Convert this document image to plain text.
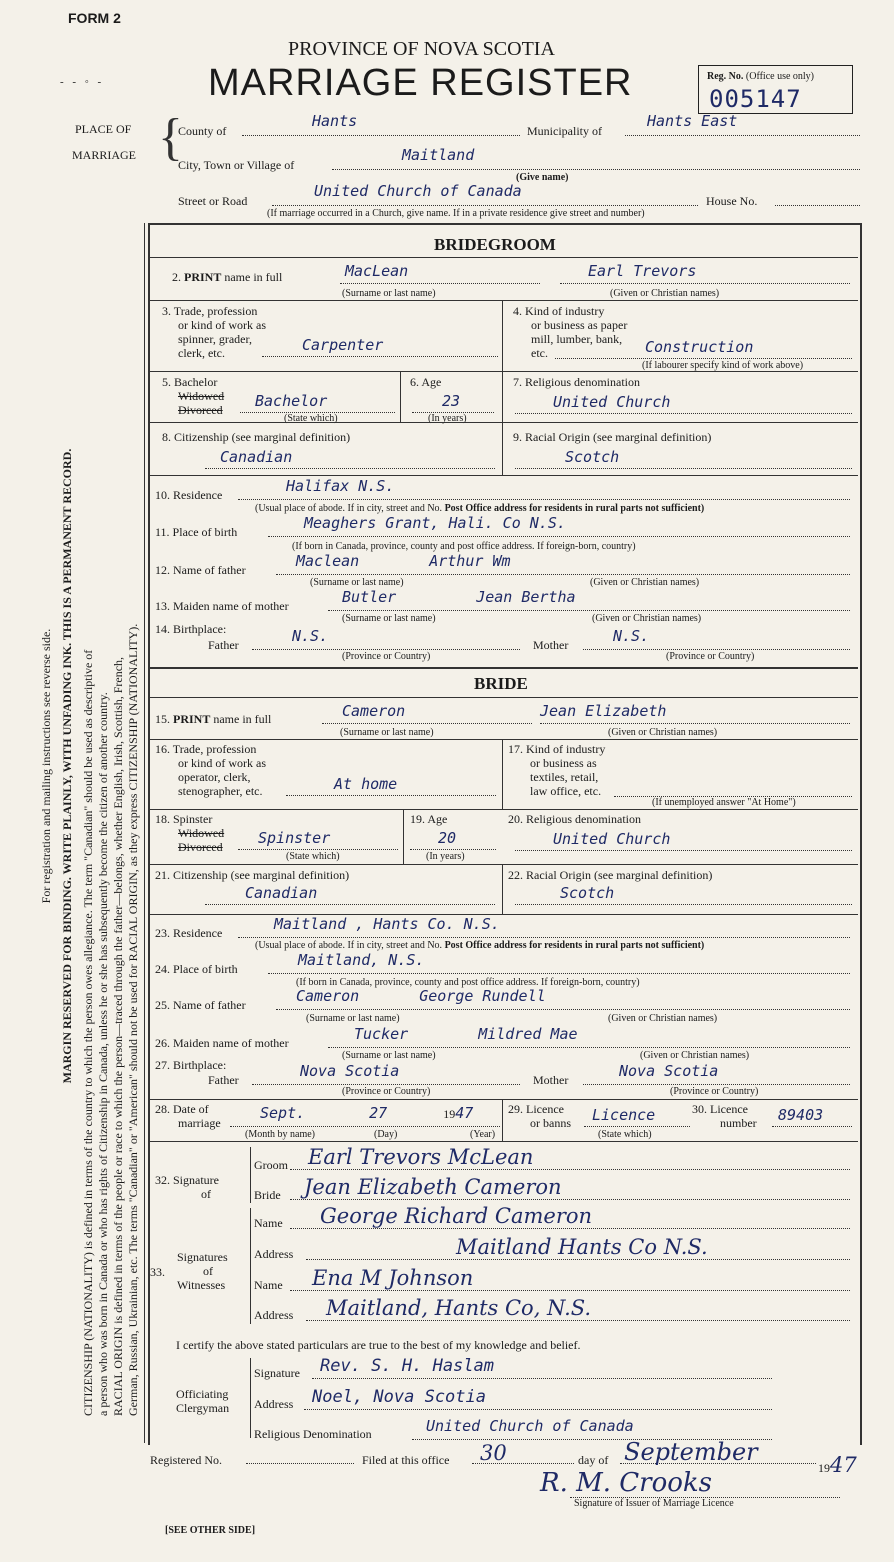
FORM 2
- - ◦ -
PROVINCE OF NOVA SCOTIA
MARRIAGE REGISTER	Reg. No. (Office use only)
005147
PLACE OF
MARRIAGE {
County of
Hants
Municipality of
Hants East
City, Town or Village of
Maitland
(Give name)
Street or Road
United Church of Canada
House No.
(If marriage occurred in a Church, give name. If in a private residence give street and number)

For registration and mailing instructions see reverse side. MARGIN RESERVED FOR BINDING. WRITE PLAINLY, WITH UNFADING INK. THIS IS A PERMANENT RECORD. CITIZENSHIP (NATIONALITY) is defined in terms of the country to which the person owes allegiance. The term "Canadian" should be used as descriptive of a person who was born in Canada or who has rights of Citizenship in Canada, unless he or she has subsequently become the citizen of another country. RACIAL ORIGIN is defined in terms of the people or race to which the person—traced through the father—belongs, whether English, Irish, Scottish, French, German, Russian, Ukrainian, etc. The terms "Canadian" or "American" should not be used for RACIAL ORIGIN, as they express CITIZENSHIP (NATIONALITY).

BRIDEGROOM
2. PRINT name in full	MacLean	Earl Trevors
(Surname or last name)	(Given or Christian names)
3. Trade, profession
or kind of work as
spinner, grader,
clerk, etc.	Carpenter
4. Kind of industry
or business as paper
mill, lumber, bank,
etc.	Construction
(If labourer specify kind of work above)
5. Bachelor
Widowed
Divorced	Bachelor
(State which)
6. Age
23
(In years)
7. Religious denomination
United Church
8. Citizenship (see marginal definition)
Canadian
9. Racial Origin (see marginal definition)
Scotch
10. Residence	Halifax N.S.
(Usual place of abode. If in city, street and No. Post Office address for residents in rural parts not sufficient)
11. Place of birth	Meaghers Grant, Hali. Co N.S.
(If born in Canada, province, county and post office address. If foreign-born, country)
12. Name of father	Maclean	Arthur Wm
(Surname or last name)	(Given or Christian names)
13. Maiden name of mother	Butler	Jean Bertha
(Surname or last name)	(Given or Christian names)
14. Birthplace:
Father	N.S.	Mother	N.S.
(Province or Country)	(Province or Country)
BRIDE
15. PRINT name in full	Cameron	Jean Elizabeth
(Surname or last name)	(Given or Christian names)
16. Trade, profession
or kind of work as
operator, clerk,
stenographer, etc.	At home
17. Kind of industry
or business as
textiles, retail,
law office, etc.
(If unemployed answer "At Home")
18. Spinster
Widowed
Divorced	Spinster
(State which)
19. Age
20
(In years)
20. Religious denomination
United Church
21. Citizenship (see marginal definition)
Canadian
22. Racial Origin (see marginal definition)
Scotch
23. Residence	Maitland , Hants Co. N.S.
(Usual place of abode. If in city, street and No. Post Office address for residents in rural parts not sufficient)
24. Place of birth	Maitland, N.S.
(If born in Canada, province, county and post office address. If foreign-born, country)
25. Name of father	Cameron	George Rundell
(Surname or last name)	(Given or Christian names)
26. Maiden name of mother	Tucker	Mildred Mae
(Surname or last name)	(Given or Christian names)
27. Birthplace:
Father	Nova Scotia	Mother	Nova Scotia
(Province or Country)	(Province or Country)
28. Date of
marriage
Sept.	27	1947
(Month by name)	(Day)	(Year)
29. Licence
or banns	Licence
(State which)
30. Licence
number	89403
32. Signature
of
Groom Earl Trevors McLean
Bride	Jean Elizabeth Cameron
33.
Signatures
of
Witnesses
Name	George Richard Cameron
Address	Maitland Hants Co N.S.
Name	Ena M Johnson
Address	Maitland, Hants Co, N.S.
I certify the above stated particulars are true to the best of my knowledge and belief.
Officiating
Clergyman
Signature	Rev. S. H. Haslam
Address	Noel, Nova Scotia
Religious Denomination	United Church of Canada
Registered No.	Filed at this office	30	day of September
1947
R. M. Crooks
Signature of Issuer of Marriage Licence
[SEE OTHER SIDE]
